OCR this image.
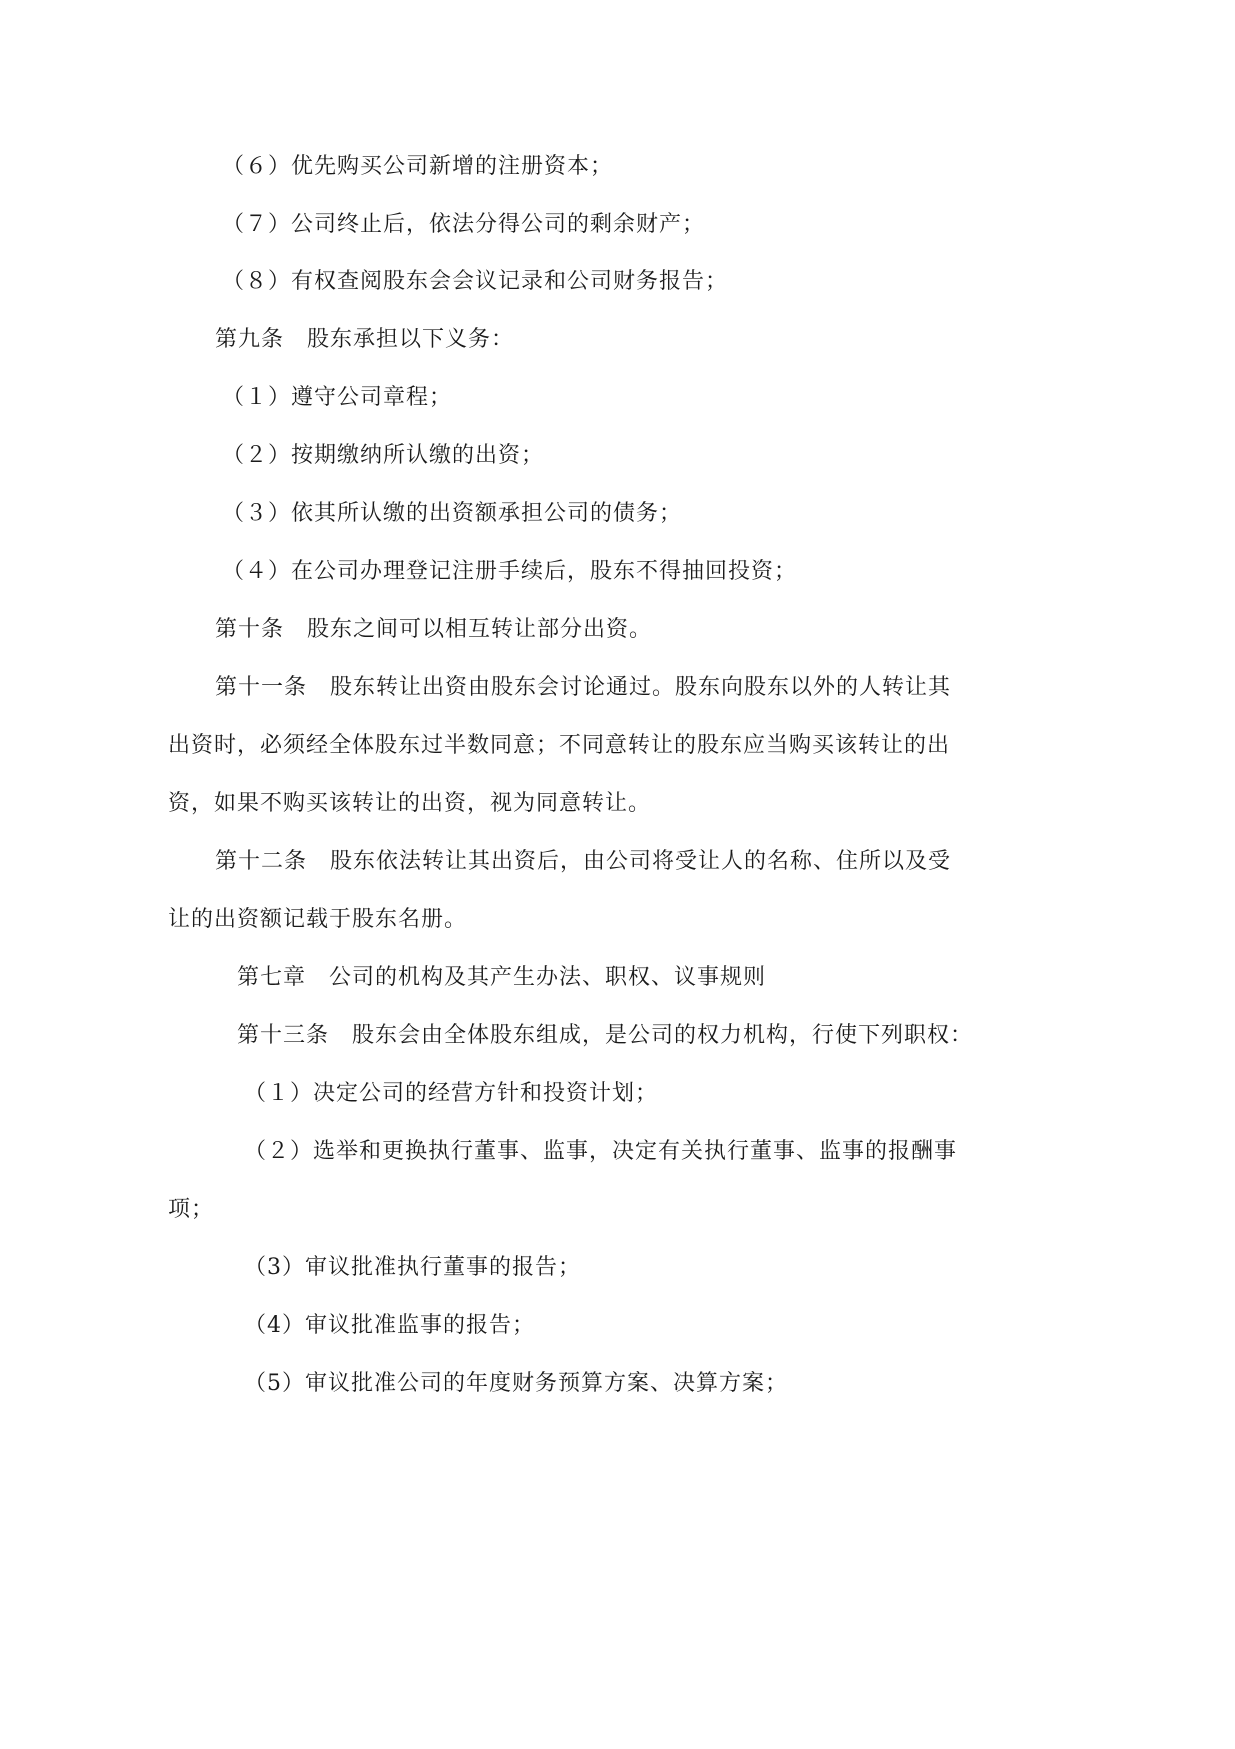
（６）优先购买公司新增的注册资本；
（７）公司终止后，依法分得公司的剩余财产；
（８）有权查阅股东会会议记录和公司财务报告；
第九条　股东承担以下义务：
（１）遵守公司章程；
（２）按期缴纳所认缴的出资；
（３）依其所认缴的出资额承担公司的债务；
（４）在公司办理登记注册手续后，股东不得抽回投资；
第十条　股东之间可以相互转让部分出资。
第十一条　股东转让出资由股东会讨论通过。股东向股东以外的人转让其
出资时，必须经全体股东过半数同意；不同意转让的股东应当购买该转让的出
资，如果不购买该转让的出资，视为同意转让。
第十二条　股东依法转让其出资后，由公司将受让人的名称、住所以及受
让的出资额记载于股东名册。
第七章　公司的机构及其产生办法、职权、议事规则
第十三条　股东会由全体股东组成，是公司的权力机构，行使下列职权：
（１）决定公司的经营方针和投资计划；
（２）选举和更换执行董事、监事，决定有关执行董事、监事的报酬事
项；
（3）审议批准执行董事的报告；
（4）审议批准监事的报告；
（5）审议批准公司的年度财务预算方案、决算方案；
